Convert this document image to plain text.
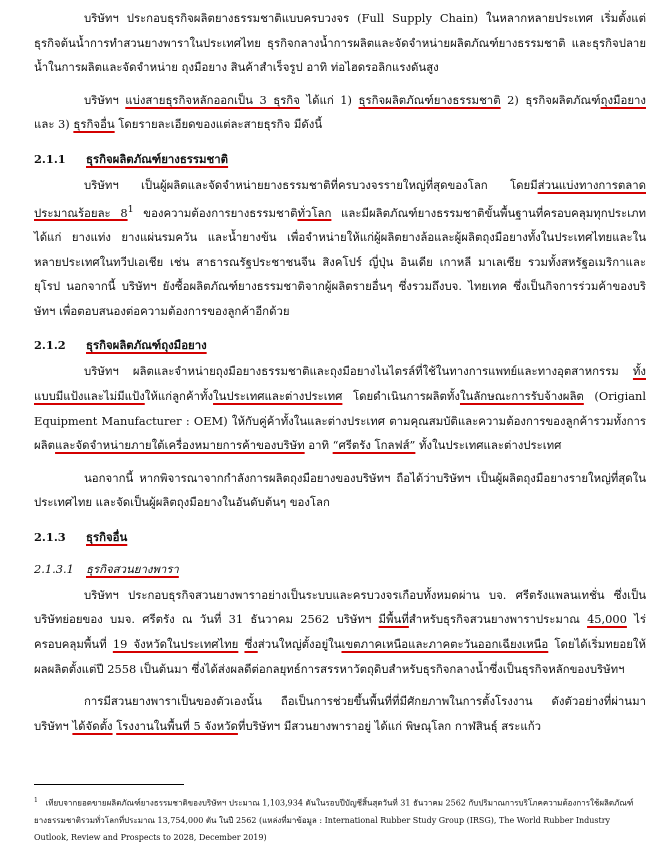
บริษัทฯ ประกอบธุรกิจผลิตยางธรรมชาติแบบครบวงจร (Full Supply Chain) ในหลากหลายประเทศ เริ่มตั้งแต่ธุรกิจต้นน้ำการทำสวนยางพาราในประเทศไทย ธุรกิจกลางน้ำการผลิตและจัดจำหน่ายผลิตภัณฑ์ยางธรรมชาติ และธุรกิจปลายน้ำในการผลิตและจัดจำหน่าย ถุงมือยาง สินค้าสำเร็จรูป อาทิ ท่อไฮดรอลิกแรงดันสูง

บริษัทฯ แบ่งสายธุรกิจหลักออกเป็น 3 ธุรกิจ ได้แก่ 1) ธุรกิจผลิตภัณฑ์ยางธรรมชาติ 2) ธุรกิจผลิตภัณฑ์ถุงมือยาง และ 3) ธุรกิจอื่น โดยรายละเอียดของแต่ละสายธุรกิจ มีดังนี้

2.1.1 ธุรกิจผลิตภัณฑ์ยางธรรมชาติ

บริษัทฯ เป็นผู้ผลิตและจัดจำหน่ายยางธรรมชาติที่ครบวงจรรายใหญ่ที่สุดของโลก โดยมีส่วนแบ่งทางการตลาดประมาณร้อยละ $8^1$ ของความต้องการยางธรรมชาติทั่วโลก และมีผลิตภัณฑ์ยางธรรมชาติขั้นพื้นฐานที่ครอบคลุมทุกประเภท ได้แก่ ยางแท่ง ยางแผ่นรมควัน และน้ำยางข้น เพื่อจำหน่ายให้แก่ผู้ผลิตยางล้อและผู้ผลิตถุงมือยางทั้งในประเทศไทยและในหลายประเทศในทวีปเอเชีย เช่น สาธารณรัฐประชาชนจีน สิงคโปร์ ญี่ปุ่น อินเดีย เกาหลี มาเลเซีย รวมทั้งสหรัฐอเมริกาและยุโรป นอกจากนี้ บริษัทฯ ยังซื้อผลิตภัณฑ์ยางธรรมชาติจากผู้ผลิตรายอื่นๆ ซึ่งรวมถึงบจ. ไทยเทค ซึ่งเป็นกิจการร่วมค้าของบริษัทฯ เพื่อตอบสนองต่อความต้องการของลูกค้าอีกด้วย

2.1.2 ธุรกิจผลิตภัณฑ์ถุงมือยาง

บริษัทฯ ผลิตและจำหน่ายถุงมือยางธรรมชาติและถุงมือยางไนไตรล์ที่ใช้ในทางการแพทย์และทางอุตสาหกรรม ทั้งแบบมีแป้งและไม่มีแป้งให้แก่ลูกค้าทั้งในประเทศและต่างประเทศ โดยดำเนินการผลิตทั้งในลักษณะการรับจ้างผลิต (Origianl Equipment Manufacturer : OEM) ให้กับคู่ค้าทั้งในและต่างประเทศ ตามคุณสมบัติและความต้องการของลูกค้ารวมทั้งการผลิตและจัดจำหน่ายภายใต้เครื่องหมายการค้าของบริษัท อาทิ “ศรีตรัง โกลฟส์” ทั้งในประเทศและต่างประเทศ

นอกจากนี้ หากพิจารณาจากกำลังการผลิตถุงมือยางของบริษัทฯ ถือได้ว่าบริษัทฯ เป็นผู้ผลิตถุงมือยางรายใหญ่ที่สุดในประเทศไทย และจัดเป็นผู้ผลิตถุงมือยางในอันดับต้นๆ ของโลก

2.1.3 ธุรกิจอื่น
2.1.3.1 ธุรกิจสวนยางพารา

บริษัทฯ ประกอบธุรกิจสวนยางพาราอย่างเป็นระบบและครบวงจรเกือบทั้งหมดผ่าน บจ. ศรีตรังแพลนเทชั่น ซึ่งเป็นบริษัทย่อยของ บมจ. ศรีตรัง ณ วันที่ 31 ธันวาคม 2562 บริษัทฯ มีพื้นที่สำหรับธุรกิจสวนยางพาราประมาณ 45,000 ไร่ครอบคลุมพื้นที่ 19 จังหวัดในประเทศไทย ซึ่งส่วนใหญ่ตั้งอยู่ในเขตภาคเหนือและภาคตะวันออกเฉียงเหนือ โดยได้เริ่มทยอยให้ผลผลิตตั้งแต่ปี 2558 เป็นต้นมา ซึ่งได้ส่งผลดีต่อกลยุทธ์การสรรหาวัตถุดิบสำหรับธุรกิจกลางน้ำซึ่งเป็นธุรกิจหลักของบริษัทฯ

การมีสวนยางพาราเป็นของตัวเองนั้น ถือเป็นการช่วยขึ้นพื้นที่ที่มีศักยภาพในการตั้งโรงงาน ดังตัวอย่างที่ผ่านมา บริษัทฯ ได้จัดตั้ง โรงงานในพื้นที่ 5 จังหวัดที่บริษัทฯ มีสวนยางพาราอยู่ ได้แก่ พิษณุโลก กาฬสินธุ์ สระแก้ว

$^1$ เทียบจากยอดขายผลิตภัณฑ์ยางธรรมชาติของบริษัทฯ ประมาณ 1,103,934 ตันในรอบปีบัญชีสิ้นสุดวันที่ 31 ธันวาคม 2562 กับปริมาณการบริโภคความต้องการใช้ผลิตภัณฑ์ยางธรรมชาติรวมทั่วโลกที่ประมาณ 13,754,000 ตัน ในปี 2562 (แหล่งที่มาข้อมูล : International Rubber Study Group (IRSG), The World Rubber Industry Outlook, Review and Prospects to 2028, December 2019)
